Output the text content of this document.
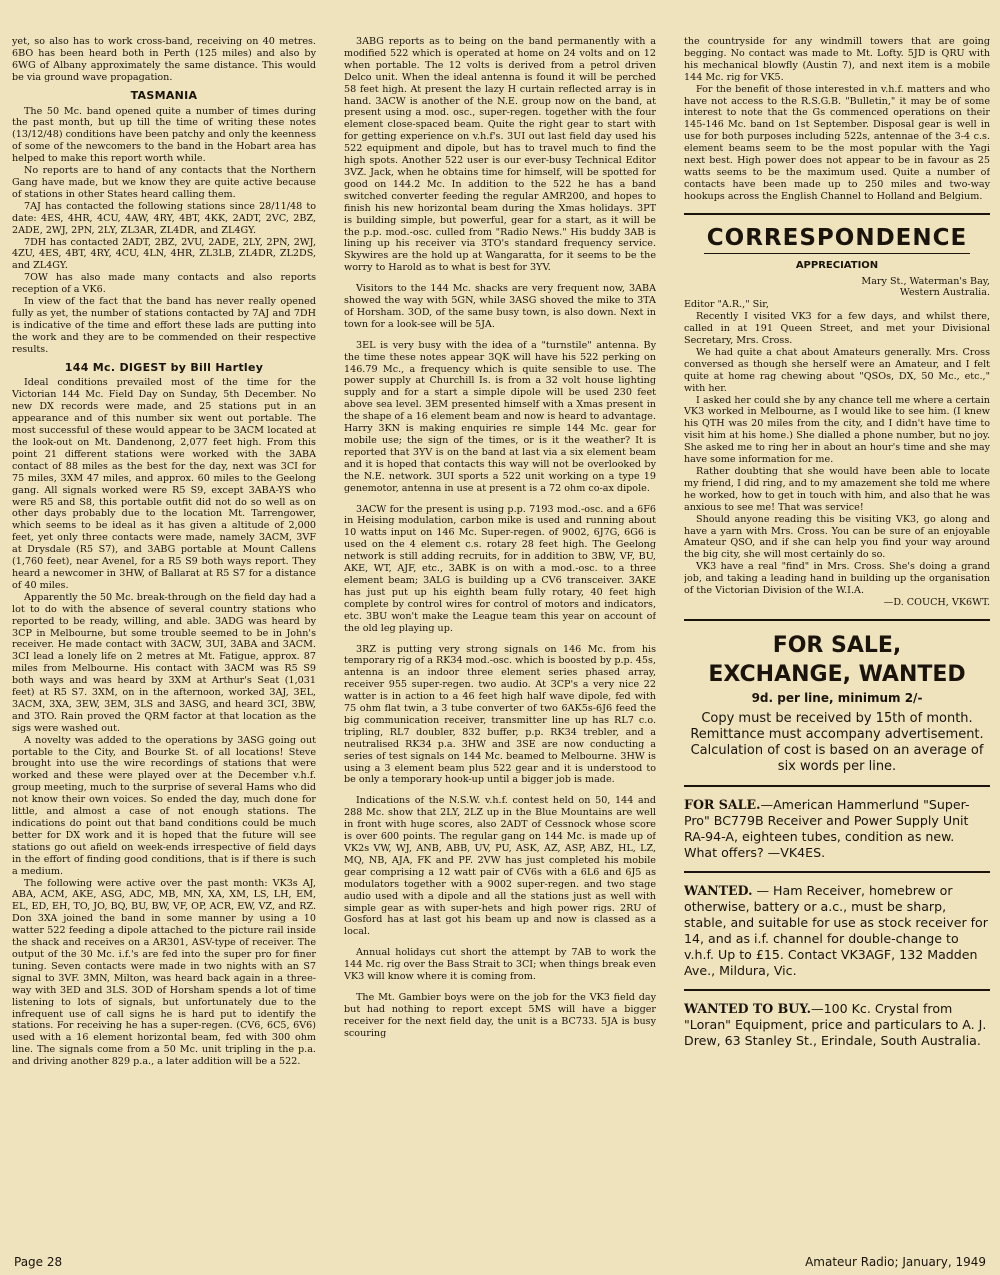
yet, so also has to work cross-band, receiving on 40 metres. 6BO has been heard both in Perth (125 miles) and also by 6WG of Albany approximately the same distance. This would be via ground wave propagation.

TASMANIA

The 50 Mc. band opened quite a number of times during the past month, but up till the time of writing these notes (13/12/48) conditions have been patchy and only the keenness of some of the newcomers to the band in the Hobart area has helped to make this report worth while.

No reports are to hand of any contacts that the Northern Gang have made, but we know they are quite active because of stations in other States heard calling them.

7AJ has contacted the following stations since 28/11/48 to date: 4ES, 4HR, 4CU, 4AW, 4RY, 4BT, 4KK, 2ADT, 2VC, 2BZ, 2ADE, 2WJ, 2PN, 2LY, ZL3AR, ZL4DR, and ZL4GY.

7DH has contacted 2ADT, 2BZ, 2VU, 2ADE, 2LY, 2PN, 2WJ, 4ZU, 4ES, 4BT, 4RY, 4CU, 4LN, 4HR, ZL3LB, ZL4DR, ZL2DS, and ZL4GY.

7OW has also made many contacts and also reports reception of a VK6.

In view of the fact that the band has never really opened fully as yet, the number of stations contacted by 7AJ and 7DH is indicative of the time and effort these lads are putting into the work and they are to be commended on their respective results.

144 Mc. DIGEST by Bill Hartley

Ideal conditions prevailed most of the time for the Victorian 144 Mc. Field Day on Sunday, 5th December. No new DX records were made, and 25 stations put in an appearance and of this number six went out portable. The most successful of these would appear to be 3ACM located at the look-out on Mt. Dandenong, 2,077 feet high. From this point 21 different stations were worked with the 3ABA contact of 88 miles as the best for the day, next was 3CI for 75 miles, 3XM 47 miles, and approx. 60 miles to the Geelong gang. All signals worked were R5 S9, except 3ABA-YS who were R5 and S8, this portable outfit did not do so well as on other days probably due to the location Mt. Tarrengower, which seems to be ideal as it has given a altitude of 2,000 feet, yet only three contacts were made, namely 3ACM, 3VF at Drysdale (R5 S7), and 3ABG portable at Mount Callens (1,760 feet), near Avenel, for a R5 S9 both ways report. They heard a newcomer in 3HW, of Ballarat at R5 S7 for a distance of 40 miles.

Apparently the 50 Mc. break-through on the field day had a lot to do with the absence of several country stations who reported to be ready, willing, and able. 3ADG was heard by 3CP in Melbourne, but some trouble seemed to be in John's receiver. He made contact with 3ACW, 3UI, 3ABA and 3ACM. 3CI lead a lonely life on 2 metres at Mt. Fatigue, approx. 87 miles from Melbourne. His contact with 3ACM was R5 S9 both ways and was heard by 3XM at Arthur's Seat (1,031 feet) at R5 S7. 3XM, on in the afternoon, worked 3AJ, 3EL, 3ACM, 3XA, 3EW, 3EM, 3LS and 3ASG, and heard 3CI, 3BW, and 3TO. Rain proved the QRM factor at that location as the sigs were washed out.

A novelty was added to the operations by 3ASG going out portable to the City, and Bourke St. of all locations! Steve brought into use the wire recordings of stations that were worked and these were played over at the December v.h.f. group meeting, much to the surprise of several Hams who did not know their own voices. So ended the day, much done for little, and almost a case of not enough stations. The indications do point out that band conditions could be much better for DX work and it is hoped that the future will see stations go out afield on week-ends irrespective of field days in the effort of finding good conditions, that is if there is such a medium.

The following were active over the past month: VK3s AJ, ABA, ACM, AKE, ASG, ADC, MB, MN, XA, XM, LS, LH, EM, EL, ED, EH, TO, JO, BQ, BU, BW, VF, OP, ACR, EW, VZ, and RZ. Don 3XA joined the band in some manner by using a 10 watter 522 feeding a dipole attached to the picture rail inside the shack and receives on a AR301, ASV-type of receiver. The output of the 30 Mc. i.f.'s are fed into the super pro for finer tuning. Seven contacts were made in two nights with an S7 signal to 3VF. 3MN, Milton, was heard back again in a three-way with 3ED and 3LS. 3OD of Horsham spends a lot of time listening to lots of signals, but unfortunately due to the infrequent use of call signs he is hard put to identify the stations. For receiving he has a super-regen. (CV6, 6C5, 6V6) used with a 16 element horizontal beam, fed with 300 ohm line. The signals come from a 50 Mc. unit tripling in the p.a. and driving another 829 p.a., a later addition will be a 522.

3ABG reports as to being on the band permanently with a modified 522 which is operated at home on 24 volts and on 12 when portable. The 12 volts is derived from a petrol driven Delco unit. When the ideal antenna is found it will be perched 58 feet high. At present the lazy H curtain reflected array is in hand. 3ACW is another of the N.E. group now on the band, at present using a mod. osc., super-regen. together with the four element close-spaced beam. Quite the right gear to start with for getting experience on v.h.f's. 3UI out last field day used his 522 equipment and dipole, but has to travel much to find the high spots. Another 522 user is our ever-busy Technical Editor 3VZ. Jack, when he obtains time for himself, will be spotted for good on 144.2 Mc. In addition to the 522 he has a band switched converter feeding the regular AMR200, and hopes to finish his new horizontal beam during the Xmas holidays. 3PT is building simple, but powerful, gear for a start, as it will be the p.p. mod.-osc. culled from "Radio News." His buddy 3AB is lining up his receiver via 3TO's standard frequency service. Skywires are the hold up at Wangaratta, for it seems to be the worry to Harold as to what is best for 3YV.

Visitors to the 144 Mc. shacks are very frequent now, 3ABA showed the way with 5GN, while 3ASG shoved the mike to 3TA of Horsham. 3OD, of the same busy town, is also down. Next in town for a look-see will be 5JA.

3EL is very busy with the idea of a "turnstile" antenna. By the time these notes appear 3QK will have his 522 perking on 146.79 Mc., a frequency which is quite sensible to use. The power supply at Churchill Is. is from a 32 volt house lighting supply and for a start a simple dipole will be used 230 feet above sea level. 3EM presented himself with a Xmas present in the shape of a 16 element beam and now is heard to advantage. Harry 3KN is making enquiries re simple 144 Mc. gear for mobile use; the sign of the times, or is it the weather? It is reported that 3YV is on the band at last via a six element beam and it is hoped that contacts this way will not be overlooked by the N.E. network. 3UI sports a 522 unit working on a type 19 genemotor, antenna in use at present is a 72 ohm co-ax dipole.

3ACW for the present is using p.p. 7193 mod.-osc. and a 6F6 in Heising modulation, carbon mike is used and running about 10 watts input on 146 Mc. Super-regen. of 9002, 6J7G, 6G6 is used on the 4 element c.s. rotary 28 feet high. The Geelong network is still adding recruits, for in addition to 3BW, VF, BU, AKE, WT, AJF, etc., 3ABK is on with a mod.-osc. to a three element beam; 3ALG is building up a CV6 transceiver. 3AKE has just put up his eighth beam fully rotary, 40 feet high complete by control wires for control of motors and indicators, etc. 3BU won't make the League team this year on account of the old leg playing up.

3RZ is putting very strong signals on 146 Mc. from his temporary rig of a RK34 mod.-osc. which is boosted by p.p. 45s, antenna is an indoor three element series phased array, receiver 955 super-regen. two audio. At 3CP's a very nice 22 watter is in action to a 46 feet high half wave dipole, fed with 75 ohm flat twin, a 3 tube converter of two 6AK5s-6J6 feed the big communication receiver, transmitter line up has RL7 c.o. tripling, RL7 doubler, 832 buffer, p.p. RK34 trebler, and a neutralised RK34 p.a. 3HW and 3SE are now conducting a series of test signals on 144 Mc. beamed to Melbourne. 3HW is using a 3 element beam plus 522 gear and it is understood to be only a temporary hook-up until a bigger job is made.

Indications of the N.S.W. v.h.f. contest held on 50, 144 and 288 Mc. show that 2LY, 2LZ up in the Blue Mountains are well in front with huge scores, also 2ADT of Cessnock whose score is over 600 points. The regular gang on 144 Mc. is made up of VK2s VW, WJ, ANB, ABB, UV, PU, ASK, AZ, ASP, ABZ, HL, LZ, MQ, NB, AJA, FK and PF. 2VW has just completed his mobile gear comprising a 12 watt pair of CV6s with a 6L6 and 6J5 as modulators together with a 9002 super-regen. and two stage audio used with a dipole and all the stations just as well with simple gear as with super-hets and high power rigs. 2RU of Gosford has at last got his beam up and now is classed as a local.

Annual holidays cut short the attempt by 7AB to work the 144 Mc. rig over the Bass Strait to 3CI; when things break even VK3 will know where it is coming from.

The Mt. Gambier boys were on the job for the VK3 field day but had nothing to report except 5MS will have a bigger receiver for the next field day, the unit is a BC733. 5JA is busy scouring

the countryside for any windmill towers that are going begging. No contact was made to Mt. Lofty. 5JD is QRU with his mechanical blowfly (Austin 7), and next item is a mobile 144 Mc. rig for VK5.

For the benefit of those interested in v.h.f. matters and who have not access to the R.S.G.B. "Bulletin," it may be of some interest to note that the Gs commenced operations on their 145-146 Mc. band on 1st September. Disposal gear is well in use for both purposes including 522s, antennae of the 3-4 c.s. element beams seem to be the most popular with the Yagi next best. High power does not appear to be in favour as 25 watts seems to be the maximum used. Quite a number of contacts have been made up to 250 miles and two-way hookups across the English Channel to Holland and Belgium.

CORRESPONDENCE
APPRECIATION
Mary St., Waterman's Bay,
Western Australia.

Editor "A.R.," Sir,

Recently I visited VK3 for a few days, and whilst there, called in at 191 Queen Street, and met your Divisional Secretary, Mrs. Cross.

We had quite a chat about Amateurs generally. Mrs. Cross conversed as though she herself were an Amateur, and I felt quite at home rag chewing about "QSOs, DX, 50 Mc., etc.," with her.

I asked her could she by any chance tell me where a certain VK3 worked in Melbourne, as I would like to see him. (I knew his QTH was 20 miles from the city, and I didn't have time to visit him at his home.) She dialled a phone number, but no joy. She asked me to ring her in about an hour's time and she may have some information for me.

Rather doubting that she would have been able to locate my friend, I did ring, and to my amazement she told me where he worked, how to get in touch with him, and also that he was anxious to see me! That was service!

Should anyone reading this be visiting VK3, go along and have a yarn with Mrs. Cross. You can be sure of an enjoyable Amateur QSO, and if she can help you find your way around the big city, she will most certainly do so.

VK3 have a real "find" in Mrs. Cross. She's doing a grand job, and taking a leading hand in building up the organisation of the Victorian Division of the W.I.A.

—D. COUCH, VK6WT.
FOR SALE,
EXCHANGE, WANTED
9d. per line, minimum 2/-
Copy must be received by 15th of month. Remittance must accompany advertisement. Calculation of cost is based on an average of six words per line.
FOR SALE.—American Hammerlund "Super-Pro" BC779B Receiver and Power Supply Unit RA-94-A, eighteen tubes, condition as new. What offers? —VK4ES.
WANTED. — Ham Receiver, homebrew or otherwise, battery or a.c., must be sharp, stable, and suitable for use as stock receiver for 14, and as i.f. channel for double-change to v.h.f. Up to £15. Contact VK3AGF, 132 Madden Ave., Mildura, Vic.
WANTED TO BUY.—100 Kc. Crystal from "Loran" Equipment, price and particulars to A. J. Drew, 63 Stanley St., Erindale, South Australia.
Page 28	Amateur Radio; January, 1949
